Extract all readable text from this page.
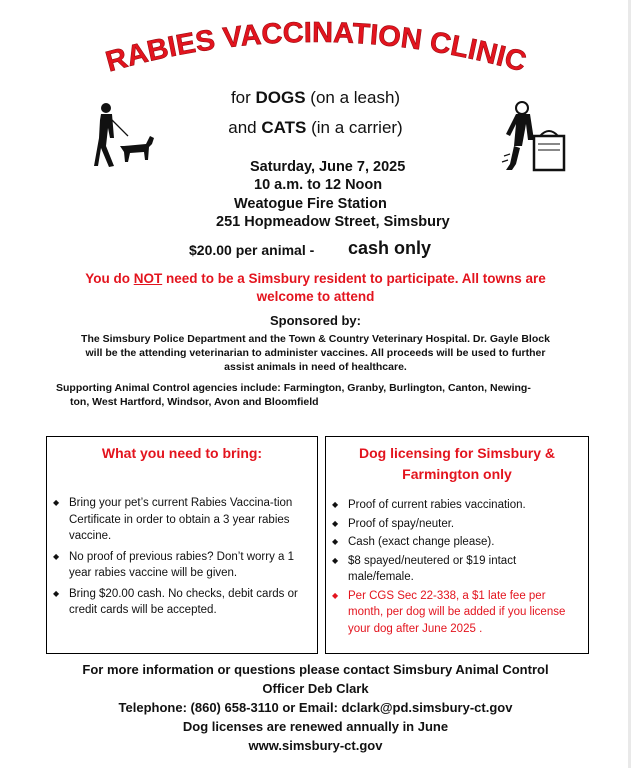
RABIES VACCINATION CLINIC
for DOGS (on a leash)
and CATS (in a carrier)
Saturday, June 7, 2025
10 a.m. to 12 Noon
Weatogue Fire Station
251 Hopmeadow Street, Simsbury
$20.00 per animal - cash only
You do NOT need to be a Simsbury resident to participate. All towns are
welcome to attend
Sponsored by:
The Simsbury Police Department and the Town & Country Veterinary Hospital. Dr. Gayle Block
will be the attending veterinarian to administer vaccines. All proceeds will be used to further
assist animals in need of healthcare.
Supporting Animal Control agencies include: Farmington, Granby, Burlington, Canton, Newing-
ton, West Hartford, Windsor, Avon and Bloomfield
What you need to bring:
◆ Bring your pet’s current Rabies Vaccina-tion Certificate in order to obtain a 3 year rabies vaccine.
◆ No proof of previous rabies? Don’t worry a 1 year rabies vaccine will be given.
◆ Bring $20.00 cash. No checks, debit cards or credit cards will be accepted.
Dog licensing for Simsbury &
Farmington only
◆ Proof of current rabies vaccination.
◆ Proof of spay/neuter.
◆ Cash (exact change please).
◆ $8 spayed/neutered or $19 intact male/female.
◆ Per CGS Sec 22-338, a $1 late fee per month, per dog will be added if you license your dog after June 2025 .
For more information or questions please contact Simsbury Animal Control
Officer Deb Clark
Telephone: (860) 658-3110 or Email: dclark@pd.simsbury-ct.gov
Dog licenses are renewed annually in June
www.simsbury-ct.gov
